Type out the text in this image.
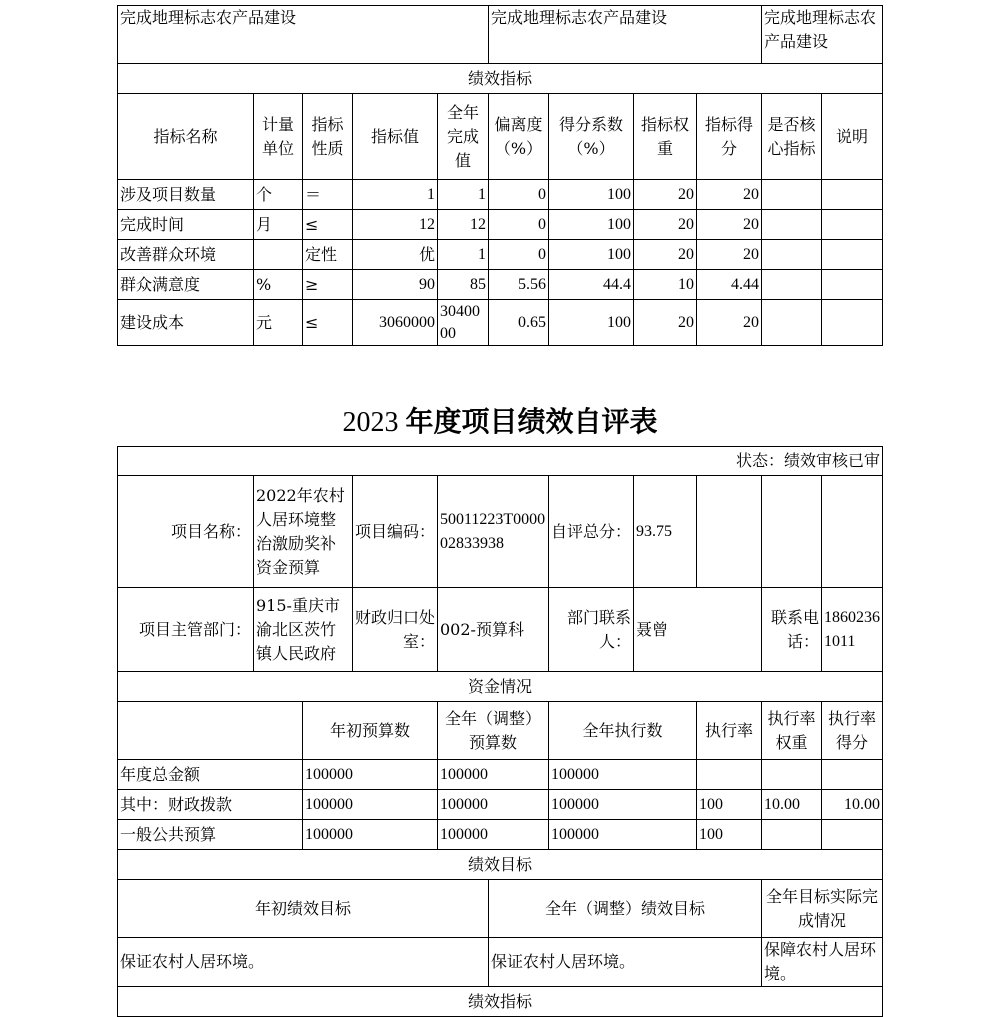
完成地理标志农产品建设					完成地理标志农产品建设				完成地理标志农产品建设	
绩效指标										
指标名称	计量单位	指标性质	指标值	全年完成值	偏离度（%）	得分系数（%）	指标权重	指标得分	是否核心指标	说明
涉及项目数量	个	＝	1	1	0	100	20	20		
完成时间	月	≤	12	12	0	100	20	20		
改善群众环境		定性	优	1	0	100	20	20		
群众满意度	%	≥	90	85	5.56	44.4	10	4.44		
建设成本	元	≤	3060000	3040000	0.65	100	20	20		
2023 年度项目绩效自评表
状态：绩效审核已审										
项目名称：	2022年农村人居环境整治激励奖补资金预算		项目编码：	50011223T000002833938		自评总分：	93.75			
项目主管部门：	915-重庆市渝北区茨竹镇人民政府		财政归口处室：	002-预算科		部门联系人：	聂曾		联系电话：	18602361011
资金情况										
		年初预算数		全年（调整）预算数		全年执行数		执行率	执行率权重	执行率得分
年度总金额		100000		100000		100000				
其中：财政拨款		100000		100000		100000		100	10.00	10.00
一般公共预算		100000		100000		100000		100		
绩效目标										
年初绩效目标					全年（调整）绩效目标				全年目标实际完成情况	
保证农村人居环境。					保证农村人居环境。				保障农村人居环境。	
绩效指标										
